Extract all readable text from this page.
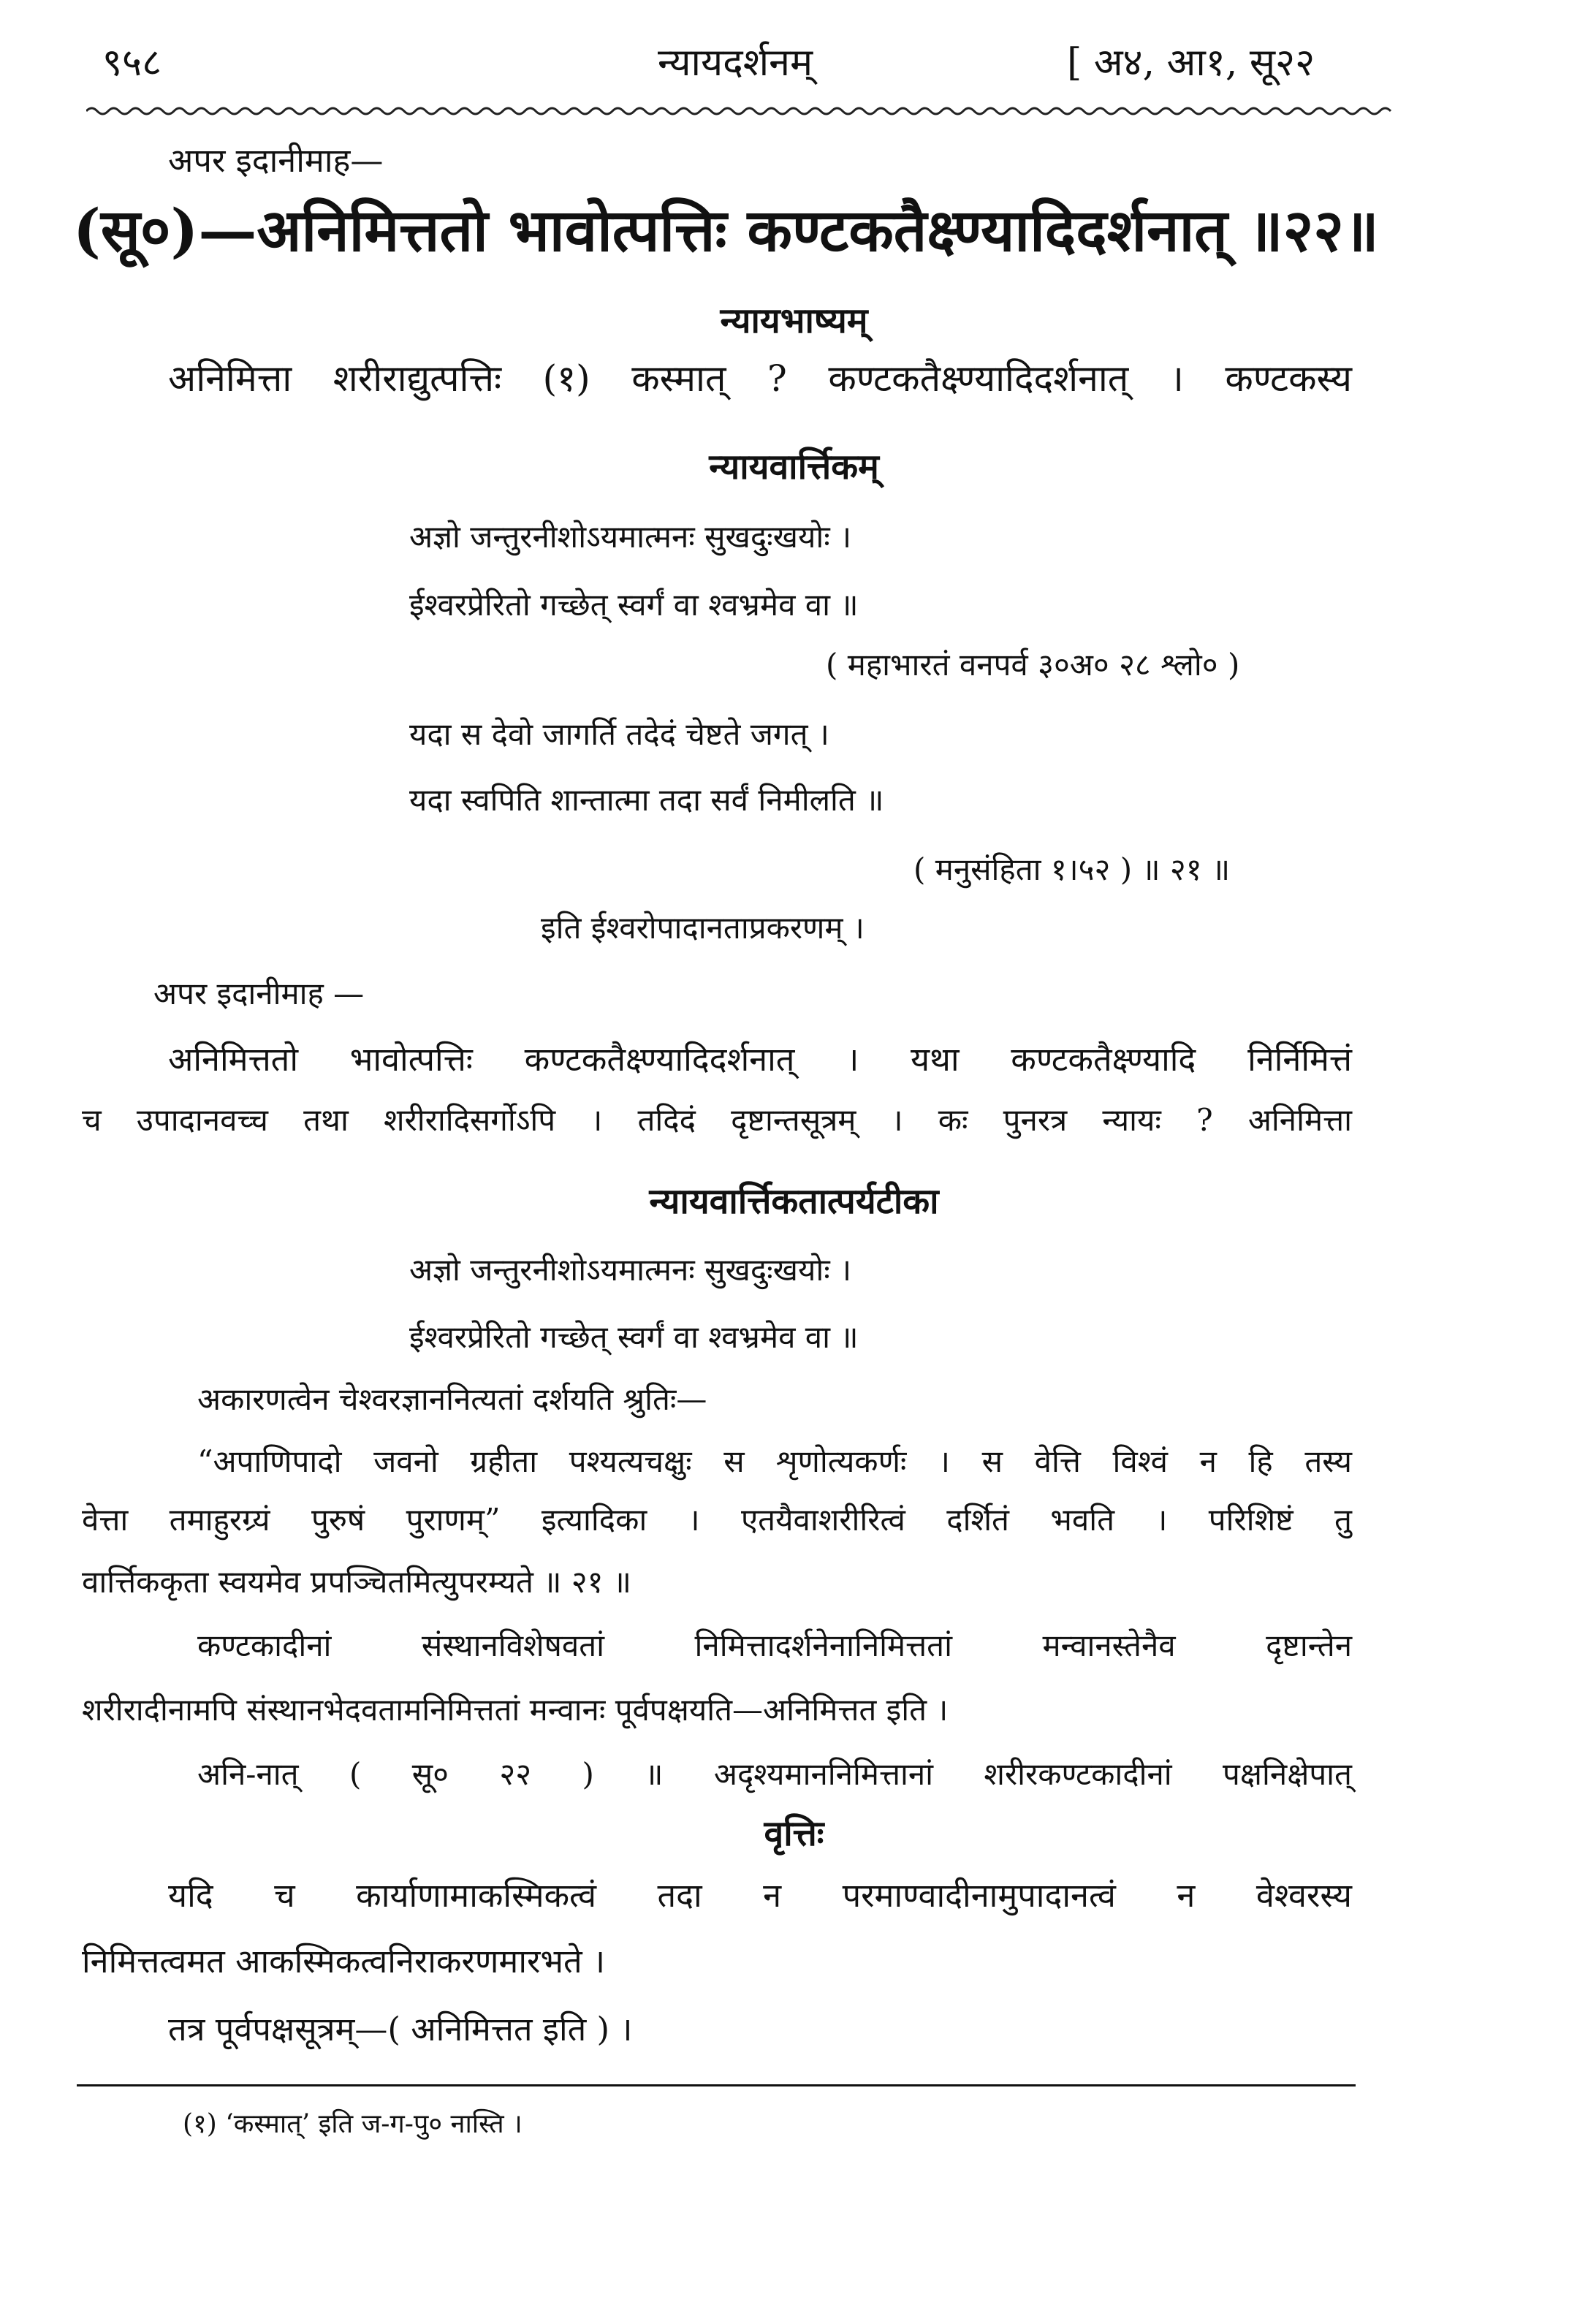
९५८	न्यायदर्शनम्	[ अ४, आ१, सू२२
अपर इदानीमाह—
(सू०)—अनिमित्ततो भावोत्पत्तिः कण्टकतैक्ष्ण्यादिदर्शनात् ॥२२॥
न्यायभाष्यम्
अनिमित्ता शरीराद्युत्पत्तिः (१) कस्मात् ? कण्टकतैक्ष्ण्यादिदर्शनात् । कण्टकस्य
न्यायवार्त्तिकम्
अज्ञो जन्तुरनीशोऽयमात्मनः सुखदुःखयोः ।
ईश्वरप्रेरितो गच्छेत् स्वर्गं वा श्वभ्रमेव वा ॥
( महाभारतं वनपर्व ३०अ० २८ श्लो० )
यदा स देवो जागर्ति तदेदं चेष्टते जगत् ।
यदा स्वपिति शान्तात्मा तदा सर्वं निमीलति ॥
( मनुसंहिता १।५२ ) ॥ २१ ॥
इति ईश्वरोपादानताप्रकरणम् ।
अपर इदानीमाह —
अनिमित्ततो भावोत्पत्तिः कण्टकतैक्ष्ण्यादिदर्शनात् । यथा कण्टकतैक्ष्ण्यादि निर्निमित्तं
च उपादानवच्च तथा शरीरादिसर्गोऽपि । तदिदं दृष्टान्तसूत्रम् । कः पुनरत्र न्यायः ? अनिमित्ता
न्यायवार्त्तिकतात्पर्यटीका
अज्ञो जन्तुरनीशोऽयमात्मनः सुखदुःखयोः ।
ईश्वरप्रेरितो गच्छेत् स्वर्गं वा श्वभ्रमेव वा ॥
अकारणत्वेन चेश्वरज्ञाननित्यतां दर्शयति श्रुतिः—
“अपाणिपादो जवनो ग्रहीता पश्यत्यचक्षुः स शृणोत्यकर्णः । स वेत्ति विश्वं न हि तस्य
वेत्ता तमाहुरग्र्यं पुरुषं पुराणम्” इत्यादिका । एतयैवाशरीरित्वं दर्शितं भवति । परिशिष्टं तु
वार्त्तिककृता स्वयमेव प्रपञ्चितमित्युपरम्यते ॥ २१ ॥
कण्टकादीनां संस्थानविशेषवतां निमित्तादर्शनेनानिमित्ततां मन्वानस्तेनैव दृष्टान्तेन
शरीरादीनामपि संस्थानभेदवतामनिमित्ततां मन्वानः पूर्वपक्षयति—अनिमित्तत इति ।
अनि-नात् ( सू० २२ ) ॥ अदृश्यमाननिमित्तानां शरीरकण्टकादीनां पक्षनिक्षेपात्
वृत्तिः
यदि च कार्याणामाकस्मिकत्वं तदा न परमाण्वादीनामुपादानत्वं न वेश्वरस्य
निमित्तत्वमत आकस्मिकत्वनिराकरणमारभते ।
तत्र पूर्वपक्षसूत्रम्—( अनिमित्तत इति ) ।
(१) ‘कस्मात्’ इति ज-ग-पु० नास्ति ।
